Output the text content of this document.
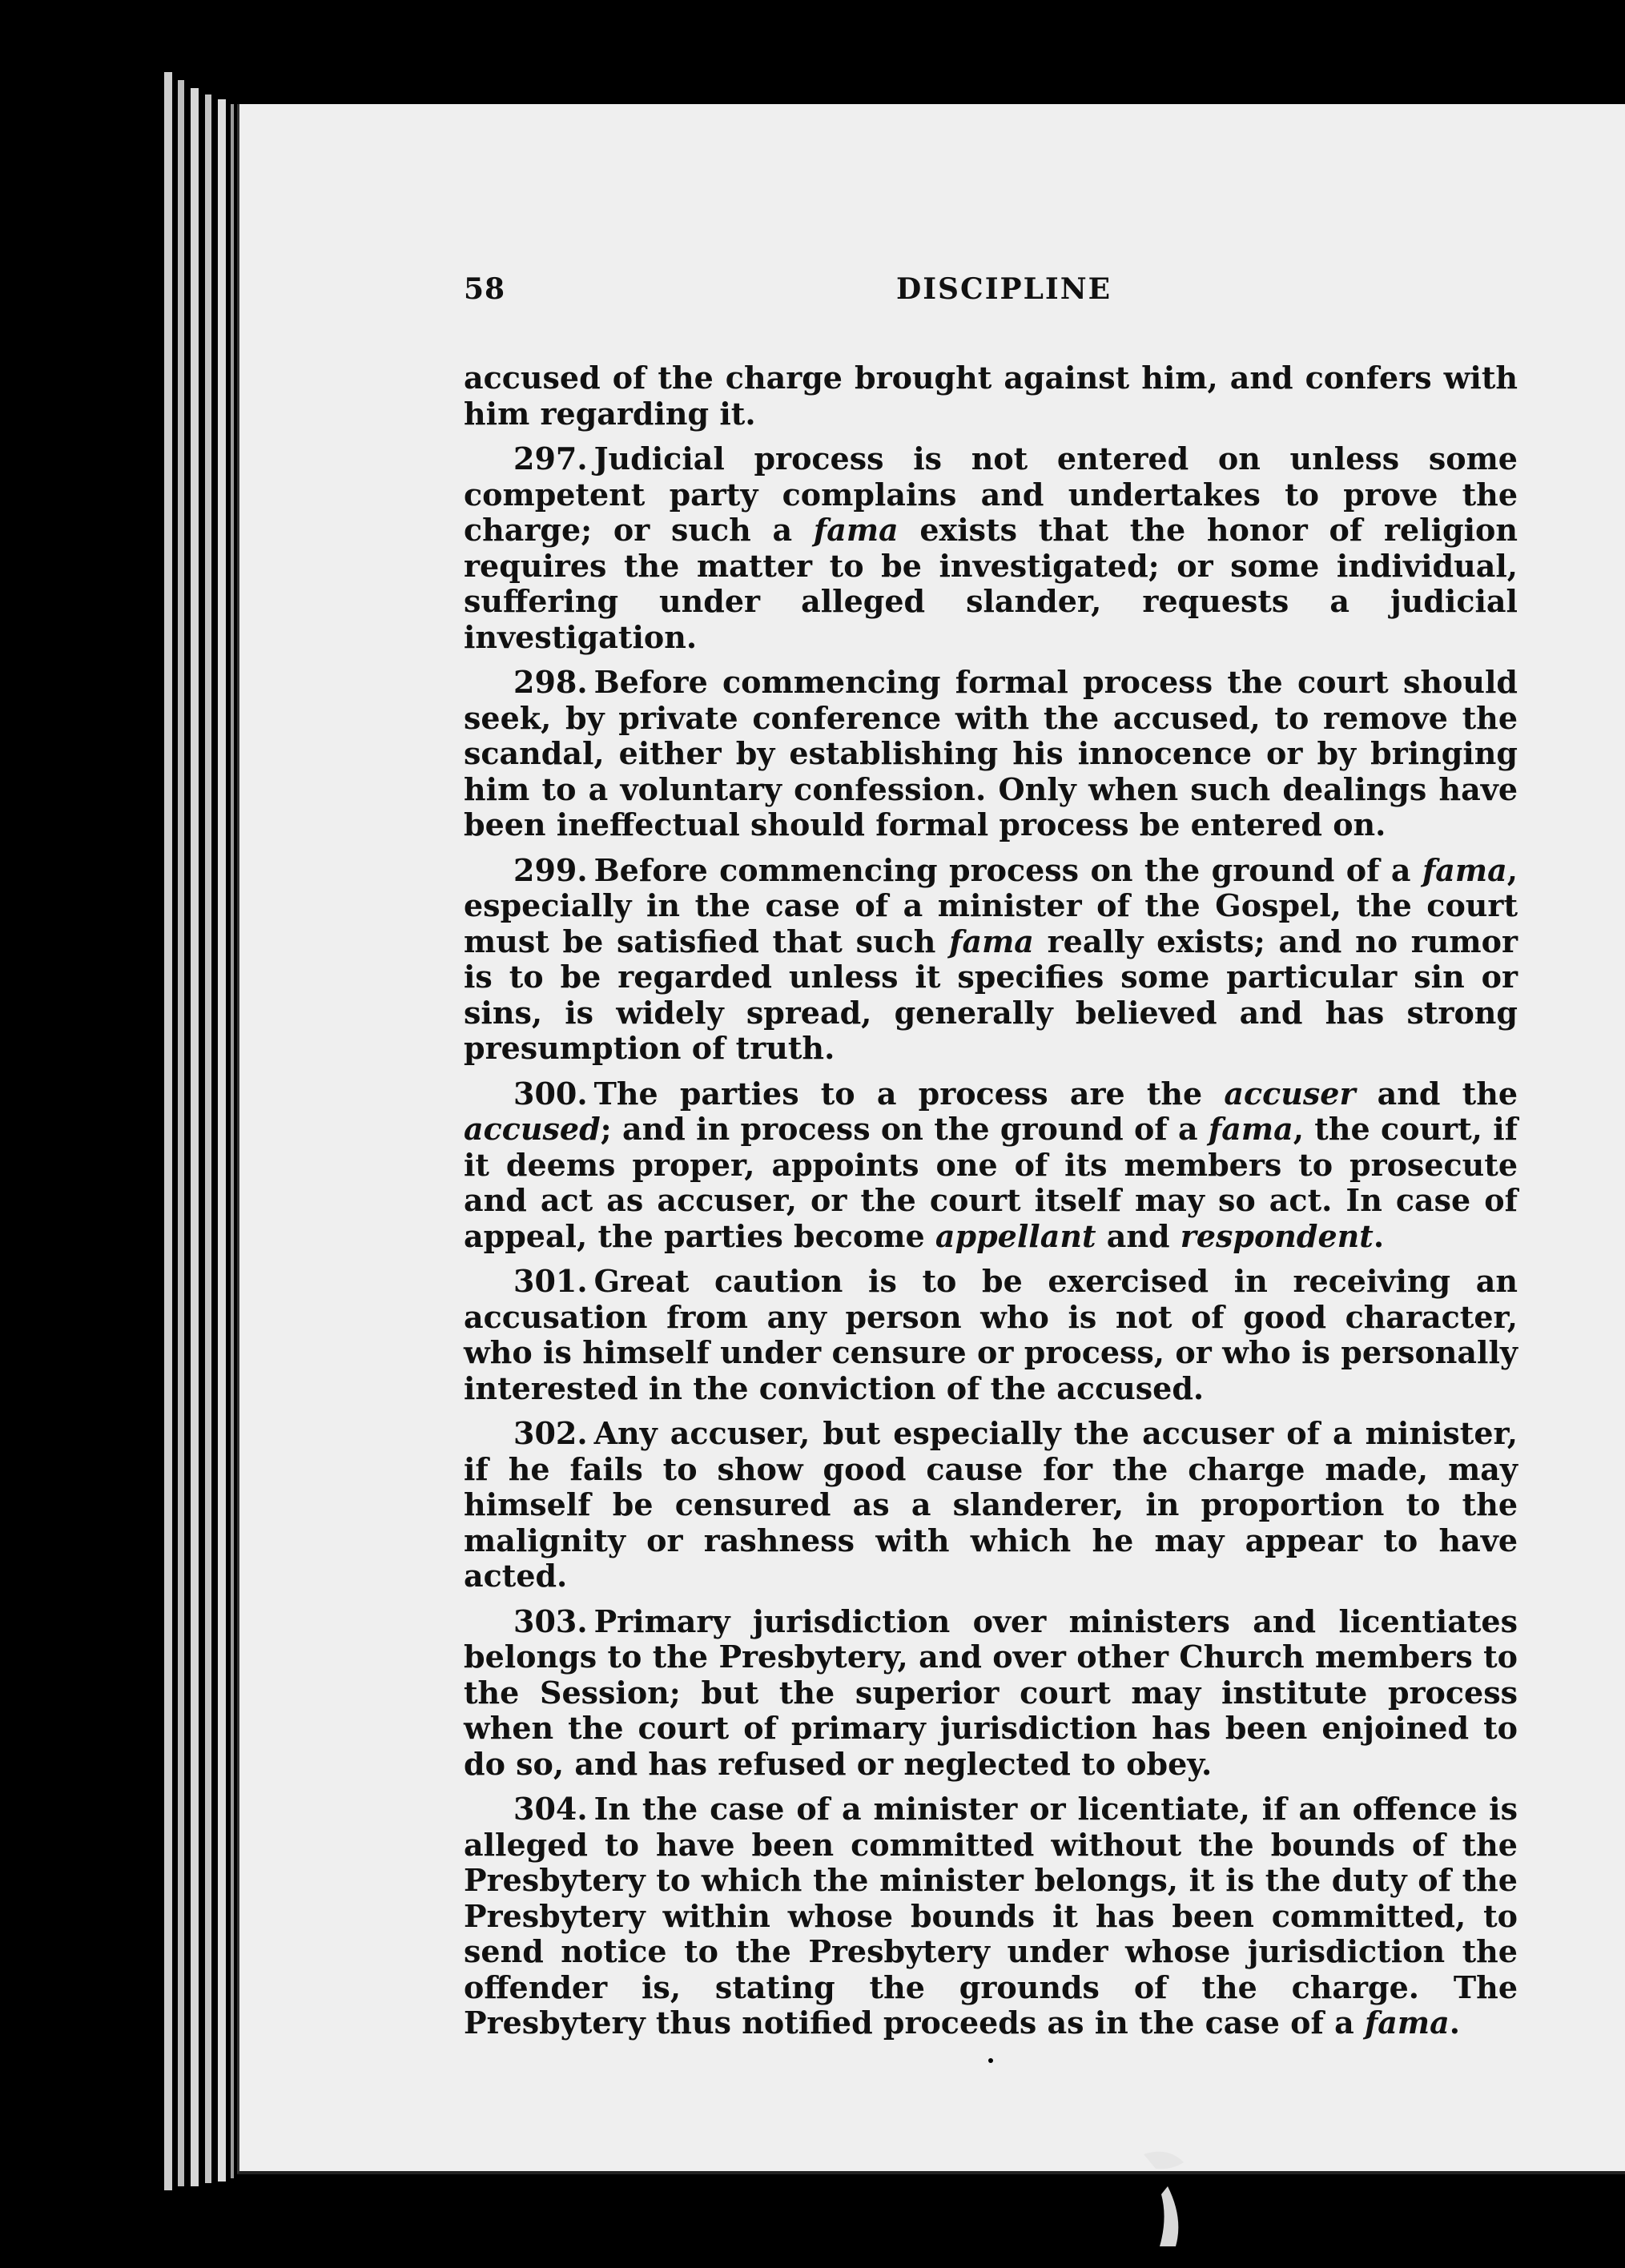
58	DISCIPLINE

accused of the charge brought against him, and confers with him regarding it.

297. Judicial process is not entered on unless some competent party complains and undertakes to prove the charge; or such a fama exists that the honor of religion requires the matter to be investigated; or some individual, suffering under alleged slander, requests a judicial investigation.

298. Before commencing formal process the court should seek, by private conference with the accused, to remove the scandal, either by establishing his innocence or by bringing him to a voluntary confession. Only when such dealings have been ineffectual should formal process be entered on.

299. Before commencing process on the ground of a fama, especially in the case of a minister of the Gospel, the court must be satisfied that such fama really exists; and no rumor is to be regarded unless it specifies some particular sin or sins, is widely spread, generally believed and has strong presumption of truth.

300. The parties to a process are the accuser and the accused; and in process on the ground of a fama, the court, if it deems proper, appoints one of its members to prosecute and act as accuser, or the court itself may so act. In case of appeal, the parties become appellant and respondent.

301. Great caution is to be exercised in receiving an accusation from any person who is not of good character, who is himself under censure or process, or who is personally interested in the conviction of the accused.

302. Any accuser, but especially the accuser of a minister, if he fails to show good cause for the charge made, may himself be censured as a slanderer, in proportion to the malignity or rashness with which he may appear to have acted.

303. Primary jurisdiction over ministers and licentiates belongs to the Presbytery, and over other Church members to the Session; but the superior court may institute process when the court of primary jurisdiction has been enjoined to do so, and has refused or neglected to obey.

304. In the case of a minister or licentiate, if an offence is alleged to have been committed without the bounds of the Presbytery to which the minister belongs, it is the duty of the Presbytery within whose bounds it has been committed, to send notice to the Presbytery under whose jurisdiction the offender is, stating the grounds of the charge. The Presbytery thus notified proceeds as in the case of a fama.
